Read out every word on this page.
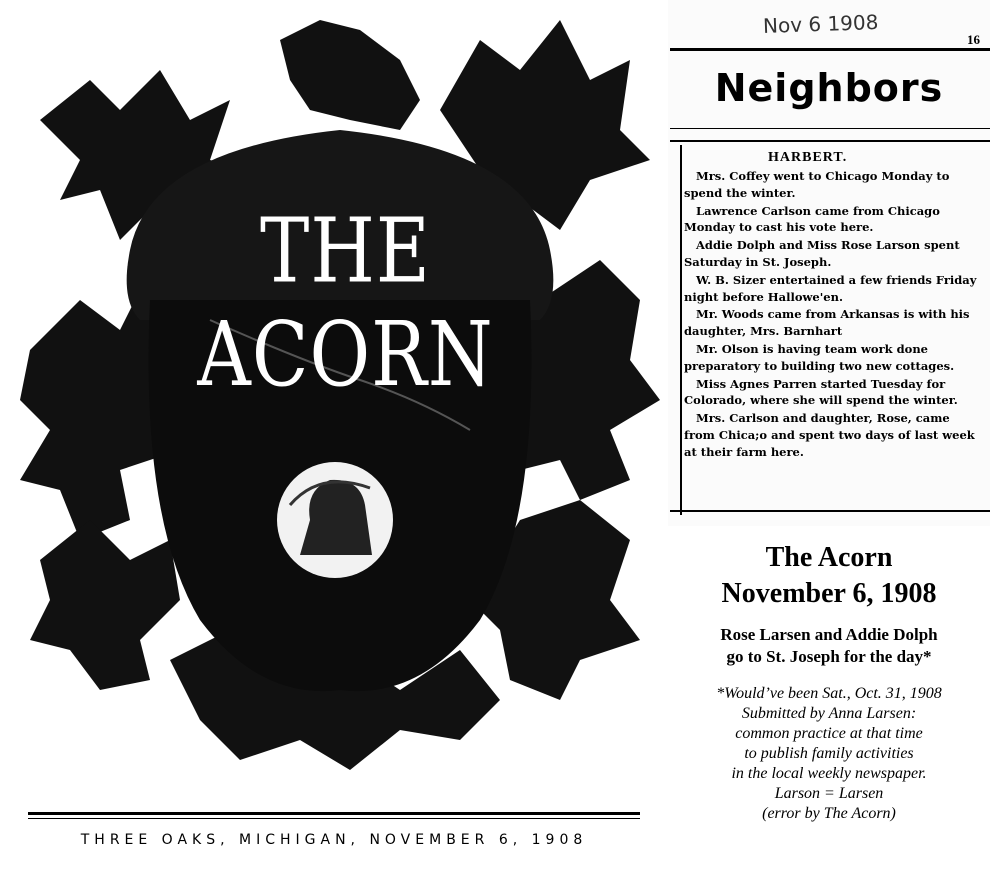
THE ACORN
THREE OAKS, MICHIGAN, NOVEMBER 6, 1908
Nov 6 1908
16
Neighbors
HARBERT.

Mrs. Coffey went to Chicago Monday to spend the winter.

Lawrence Carlson came from Chicago Monday to cast his vote here.

Addie Dolph and Miss Rose Larson spent Saturday in St. Joseph.

W. B. Sizer entertained a few friends Friday night before Hallowe'en.

Mr. Woods came from Arkansas is with his daughter, Mrs. Barnhart

Mr. Olson is having team work done preparatory to building two new cottages.

Miss Agnes Parren started Tuesday for Colorado, where she will spend the winter.

Mrs. Carlson and daughter, Rose, came from Chica;o and spent two days of last week at their farm here.

The Acorn
November 6, 1908

Rose Larsen and Addie Dolph
go to St. Joseph for the day*

*Would’ve been Sat., Oct. 31, 1908
Submitted by Anna Larsen:
common practice at that time
to publish family activities
in the local weekly newspaper.
Larson = Larsen
(error by The Acorn)
